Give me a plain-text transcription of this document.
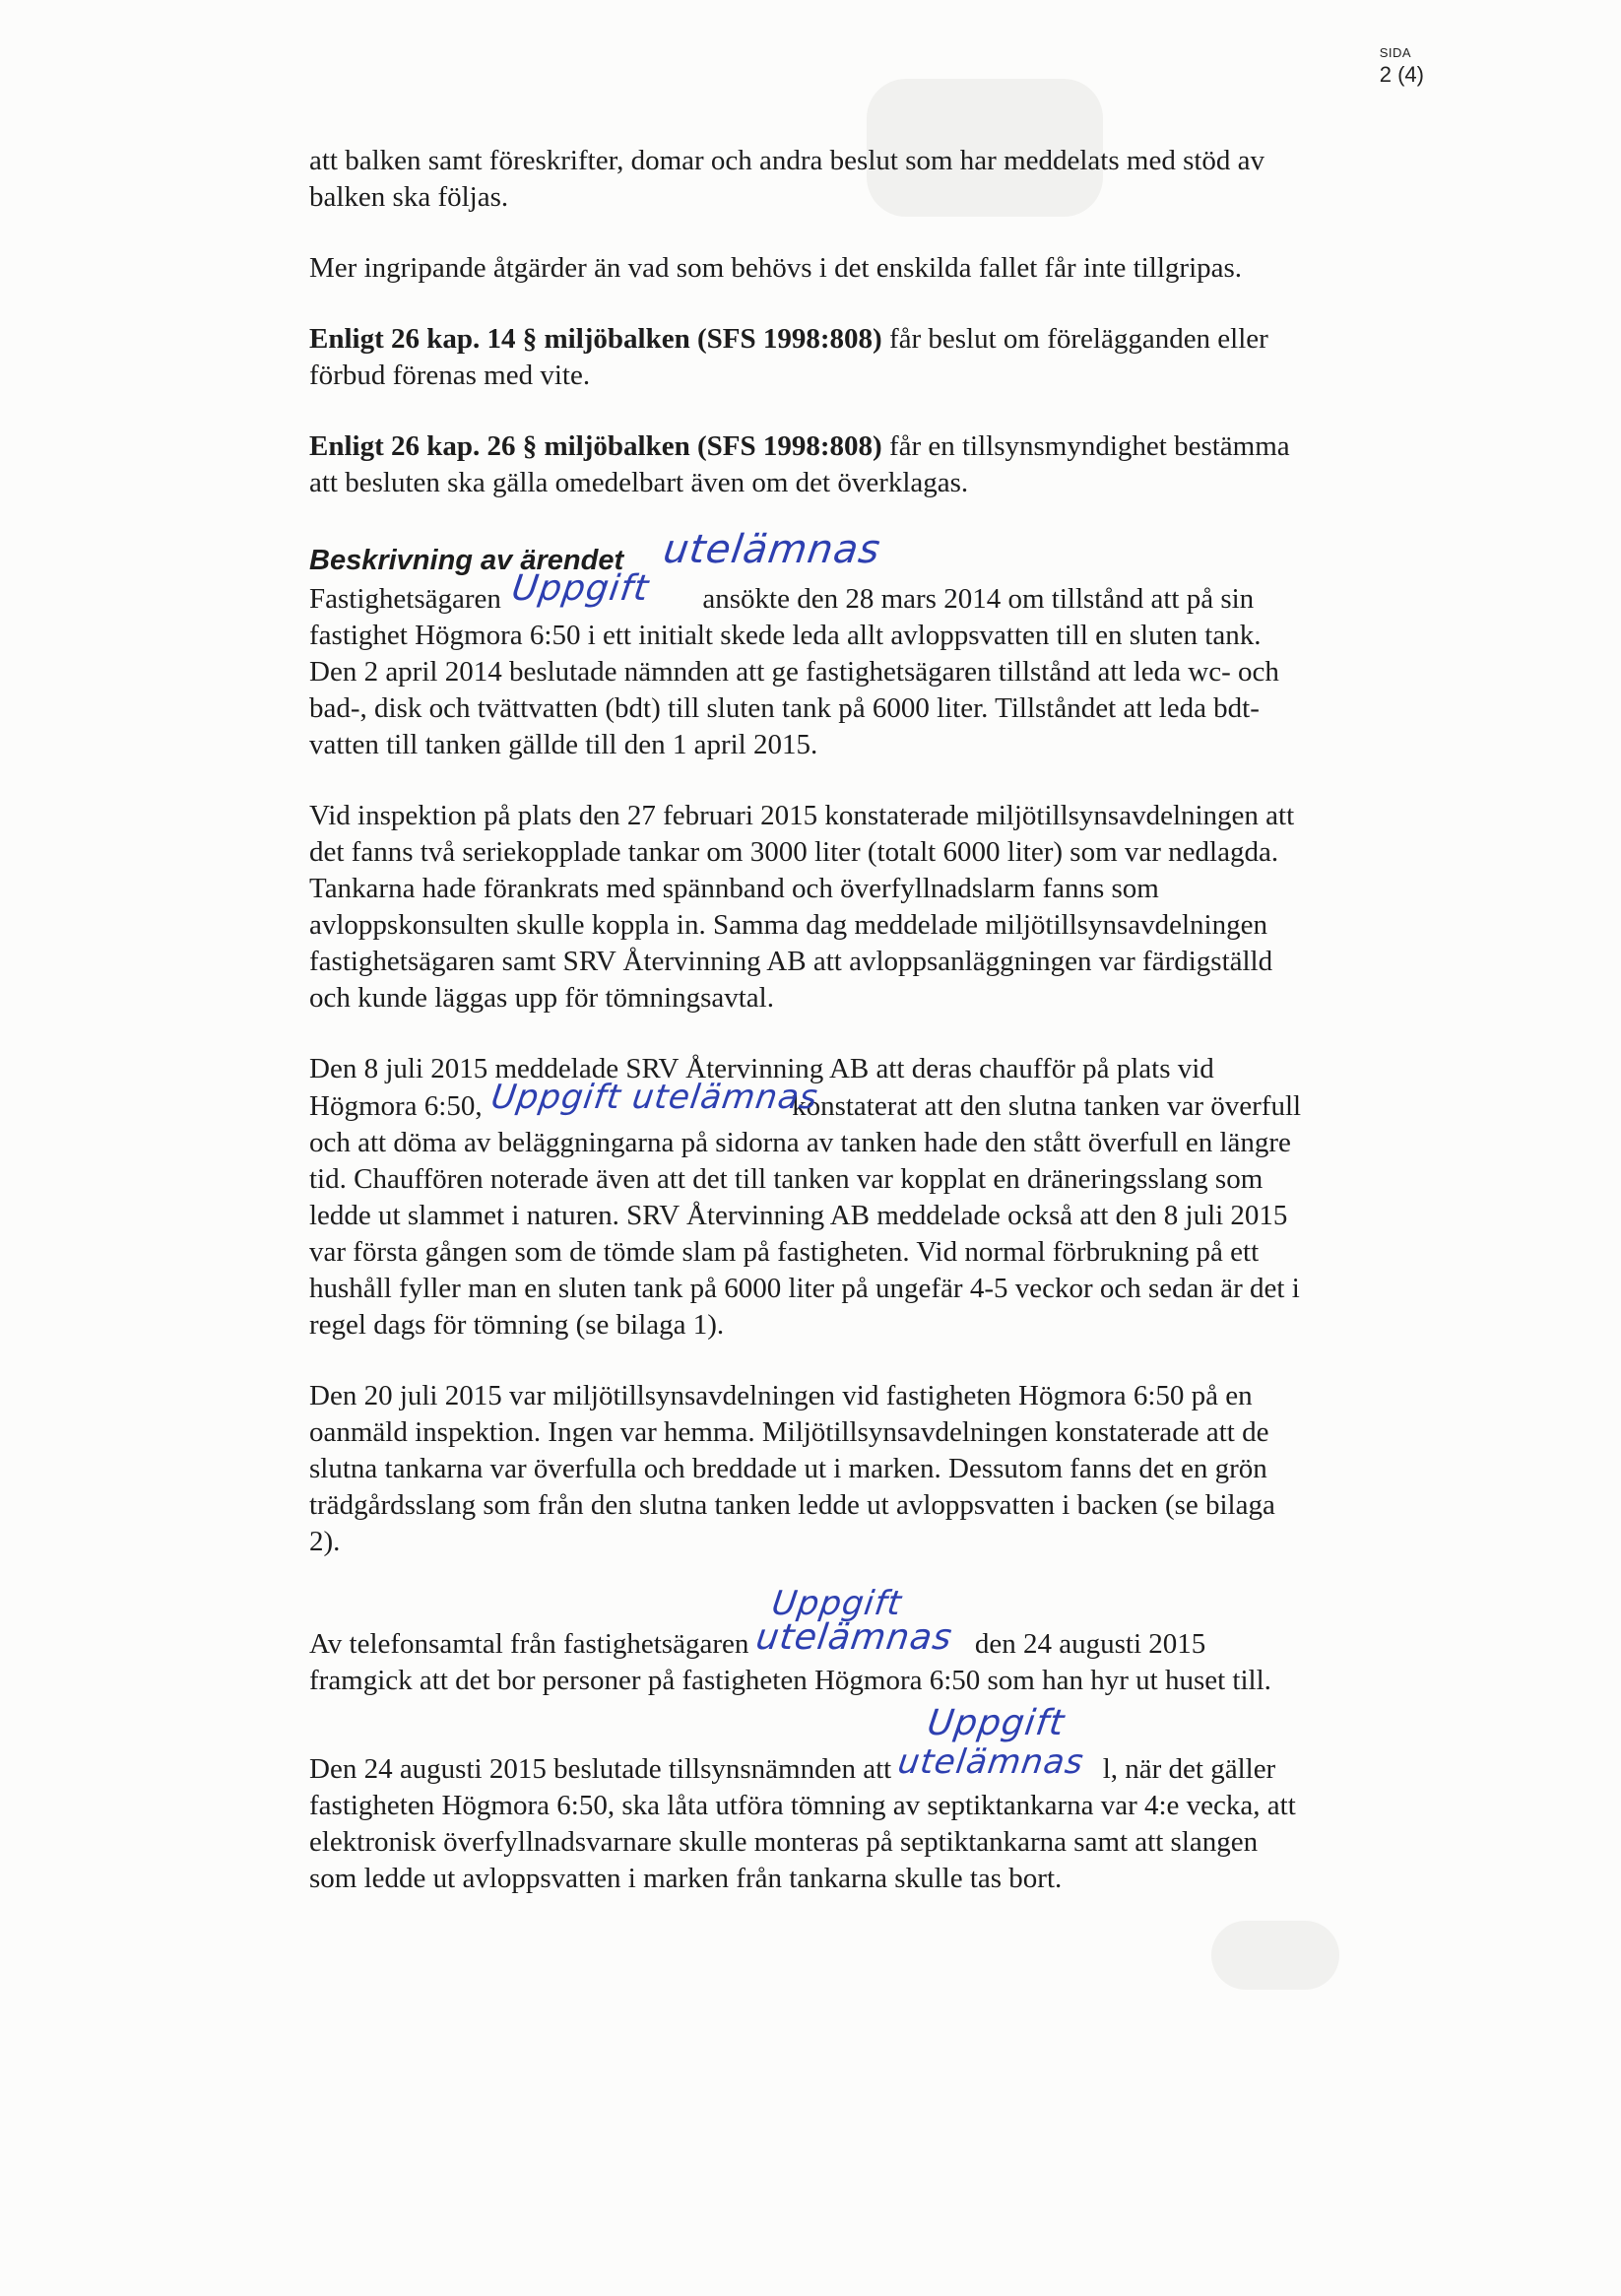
SIDA
2 (4)

att balken samt föreskrifter, domar och andra beslut som har meddelats med stöd av balken ska följas.

Mer ingripande åtgärder än vad som behövs i det enskilda fallet får inte tillgripas.

Enligt 26 kap. 14 § miljöbalken (SFS 1998:808) får beslut om förelägganden eller förbud förenas med vite.

Enligt 26 kap. 26 § miljöbalken (SFS 1998:808) får en tillsynsmyndighet bestämma att besluten ska gälla omedelbart även om det överklagas.

Beskrivning av ärendet utelämnas

Fastighetsägaren Uppgift ansökte den 28 mars 2014 om tillstånd att på sin fastighet Högmora 6:50 i ett initialt skede leda allt avloppsvatten till en sluten tank. Den 2 april 2014 beslutade nämnden att ge fastighetsägaren tillstånd att leda wc- och bad-, disk och tvättvatten (bdt) till sluten tank på 6000 liter. Tillståndet att leda bdt- vatten till tanken gällde till den 1 april 2015.

Vid inspektion på plats den 27 februari 2015 konstaterade miljötillsynsavdelningen att det fanns två seriekopplade tankar om 3000 liter (totalt 6000 liter) som var nedlagda. Tankarna hade förankrats med spännband och överfyllnadslarm fanns som avloppskonsulten skulle koppla in. Samma dag meddelade miljötillsynsavdelningen fastighetsägaren samt SRV Återvinning AB att avloppsanläggningen var färdigställd och kunde läggas upp för tömningsavtal.

Den 8 juli 2015 meddelade SRV Återvinning AB att deras chaufför på plats vid Högmora 6:50, Uppgift utelämnas
konstaterat att den slutna tanken var överfull och att döma av beläggningarna på sidorna av tanken hade den stått överfull en längre tid. Chauffören noterade även att det till tanken var kopplat en dräneringsslang som ledde ut slammet i naturen. SRV Återvinning AB meddelade också att den 8 juli 2015 var första gången som de tömde slam på fastigheten. Vid normal förbrukning på ett hushåll fyller man en sluten tank på 6000 liter på ungefär 4-5 veckor och sedan är det i regel dags för tömning (se bilaga 1).

Den 20 juli 2015 var miljötillsynsavdelningen vid fastigheten Högmora 6:50 på en oanmäld inspektion. Ingen var hemma. Miljötillsynsavdelningen konstaterade att de slutna tankarna var överfulla och breddade ut i marken. Dessutom fanns det en grön trädgårdsslang som från den slutna tanken ledde ut avloppsvatten i backen (se bilaga 2).

Av telefonsamtal från fastighetsägaren
Uppgift
utelämnas den 24 augusti 2015 framgick att det bor personer på fastigheten Högmora 6:50 som han hyr ut huset till.

Den 24 augusti 2015 beslutade tillsynsnämnden att
Uppgift
utelämnas l, när det gäller fastigheten Högmora 6:50, ska låta utföra tömning av septiktankarna var 4:e vecka, att elektronisk överfyllnadsvarnare skulle monteras på septiktankarna samt att slangen som ledde ut avloppsvatten i marken från tankarna skulle tas bort.
